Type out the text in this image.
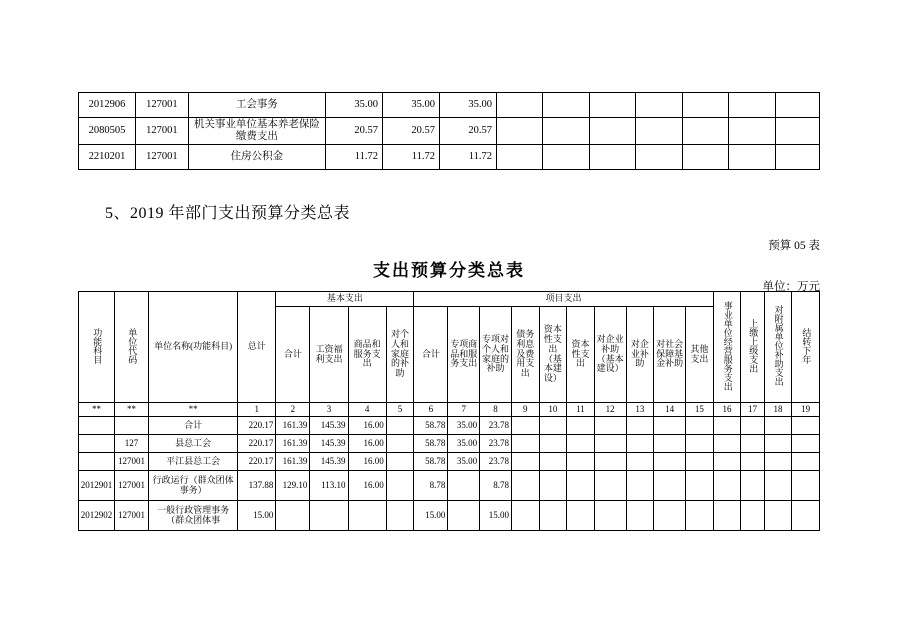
2012906	127001	工会事务	35.00	35.00	35.00							
2080505	127001	机关事业单位基本养老保险缴费支出	20.57	20.57	20.57							
2210201	127001	住房公积金	11.72	11.72	11.72							
5、2019 年部门支出预算分类总表
预算 05 表
支出预算分类总表
单位：万元
功能科目	单位代码	单位名称(功能科目)	总计	基本支出				项目支出										事业单位经营服务支出	上缴上级支出	对附属单位补助支出	结转下年
				合计	工资福利支出	商品和服务支出	对个人和家庭的补助	合计	专项商品和服务支出	专项对个人和家庭的补助	债务利息及费用支出	资本性支出（基本建设）	资本性支出	对企业补助（基本建设）	对企业补助	对社会保障基金补助	其他支出				
**	**	**	1	2	3	4	5	6	7	8	9	10	11	12	13	14	15	16	17	18	19
		合计	220.17	161.39	145.39	16.00		58.78	35.00	23.78											
	127	县总工会	220.17	161.39	145.39	16.00		58.78	35.00	23.78											
	127001	平江县总工会	220.17	161.39	145.39	16.00		58.78	35.00	23.78											
2012901	127001	行政运行（群众团体事务）	137.88	129.10	113.10	16.00		8.78		8.78											
2012902	127001	一般行政管理事务（群众团体事	15.00					15.00		15.00											
